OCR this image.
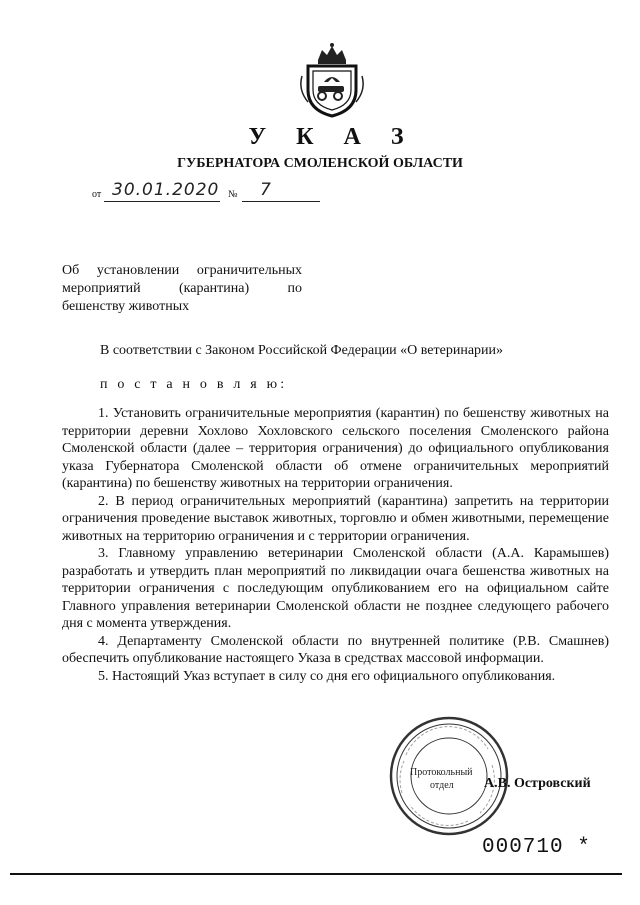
У К А З
ГУБЕРНАТОРА СМОЛЕНСКОЙ ОБЛАСТИ
от 30.01.2020 № 7
Об установлении ограничительных
мероприятий (карантина) по
бешенству животных
В соответствии с Законом Российской Федерации «О ветеринарии»
п о с т а н о в л я ю:

1. Установить ограничительные мероприятия (карантин) по бешенству животных на территории деревни Хохлово Хохловского сельского поселения Смоленского района Смоленской области (далее – территория ограничения) до официального опубликования указа Губернатора Смоленской области об отмене ограничительных мероприятий (карантина) по бешенству животных на территории ограничения.

2. В период ограничительных мероприятий (карантина) запретить на территории ограничения проведение выставок животных, торговлю и обмен животными, перемещение животных на территорию ограничения и с территории ограничения.

3. Главному управлению ветеринарии Смоленской области (А.А. Карамышев) разработать и утвердить план мероприятий по ликвидации очага бешенства животных на территории ограничения с последующим опубликованием его на официальном сайте Главного управления ветеринарии Смоленской области не позднее следующего рабочего дня с момента утверждения.

4. Департаменту Смоленской области по внутренней политике (Р.В. Смашнев) обеспечить опубликование настоящего Указа в средствах массовой информации.

5. Настоящий Указ вступает в силу со дня его официального опубликования.

Протокольный
отдел А.В. Островский
000710 *
